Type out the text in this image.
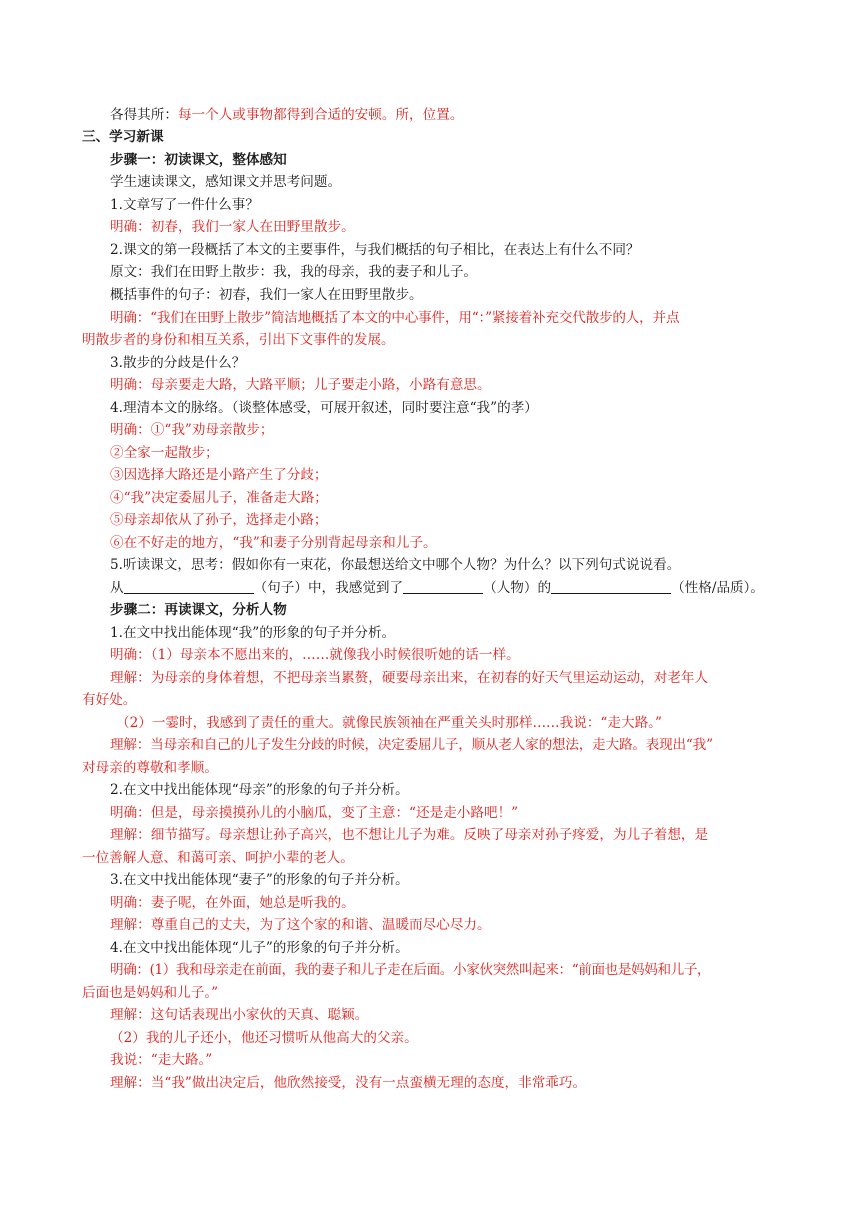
各得其所：每一个人或事物都得到合适的安顿。所，位置。
三、学习新课
步骤一：初读课文，整体感知
学生速读课文，感知课文并思考问题。
1.文章写了一件什么事？
明确：初春，我们一家人在田野里散步。
2.课文的第一段概括了本文的主要事件，与我们概括的句子相比，在表达上有什么不同？
原文：我们在田野上散步：我，我的母亲，我的妻子和儿子。
概括事件的句子：初春，我们一家人在田野里散步。
明确：“我们在田野上散步”简洁地概括了本文的中心事件，用“：”紧接着补充交代散步的人，并点
明散步者的身份和相互关系，引出下文事件的发展。
3.散步的分歧是什么？
明确：母亲要走大路，大路平顺；儿子要走小路，小路有意思。
4.理清本文的脉络。（谈整体感受，可展开叙述，同时要注意“我”的孝）
明确：①“我”劝母亲散步；
②全家一起散步；
③因选择大路还是小路产生了分歧；
④“我”决定委屈儿子，准备走大路；
⑤母亲却依从了孙子，选择走小路；
⑥在不好走的地方，“我”和妻子分别背起母亲和儿子。
5.听读课文，思考：假如你有一束花，你最想送给文中哪个人物？为什么？以下列句式说说看。
从	（句子）中，我感觉到了	（人物）的	（性格/品质）。
步骤二：再读课文，分析人物
1.在文中找出能体现“我”的形象的句子并分析。
明确：（1）母亲本不愿出来的，……就像我小时候很听她的话一样。
理解：为母亲的身体着想，不把母亲当累赘，硬要母亲出来，在初春的好天气里运动运动，对老年人
有好处。
（2）一霎时，我感到了责任的重大。就像民族领袖在严重关头时那样……我说：“走大路。”
理解：当母亲和自己的儿子发生分歧的时候，决定委屈儿子，顺从老人家的想法，走大路。表现出“我”
对母亲的尊敬和孝顺。
2.在文中找出能体现“母亲”的形象的句子并分析。
明确：但是，母亲摸摸孙儿的小脑瓜，变了主意：“还是走小路吧！”
理解：细节描写。母亲想让孙子高兴，也不想让儿子为难。反映了母亲对孙子疼爱，为儿子着想，是
一位善解人意、和蔼可亲、呵护小辈的老人。
3.在文中找出能体现“妻子”的形象的句子并分析。
明确：妻子呢，在外面，她总是听我的。
理解：尊重自己的丈夫，为了这个家的和谐、温暖而尽心尽力。
4.在文中找出能体现“儿子”的形象的句子并分析。
明确：(1）我和母亲走在前面，我的妻子和儿子走在后面。小家伙突然叫起来：“前面也是妈妈和儿子，
后面也是妈妈和儿子。”
理解：这句话表现出小家伙的天真、聪颖。
（2）我的儿子还小，他还习惯听从他高大的父亲。
我说：“走大路。”
理解：当“我”做出决定后，他欣然接受，没有一点蛮横无理的态度，非常乖巧。
